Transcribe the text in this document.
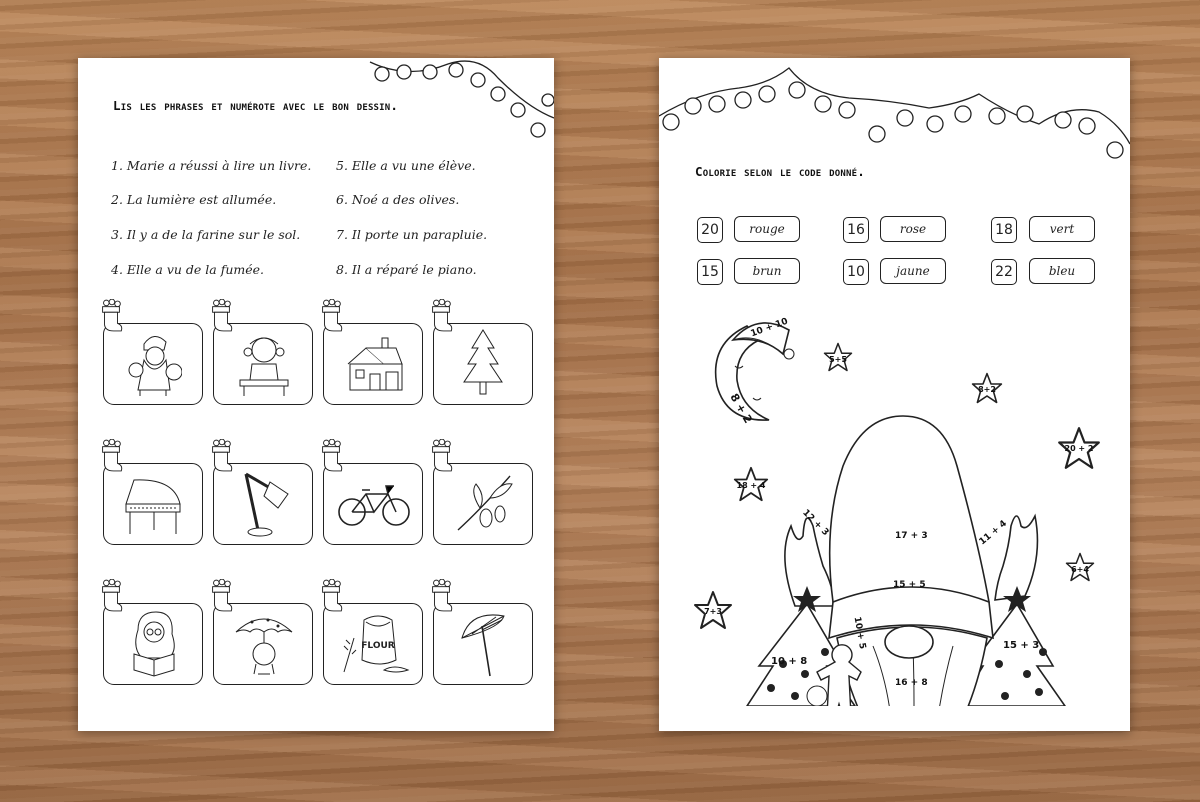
Lis les phrases et numérote avec le bon dessin.
1. Marie a réussi à lire un livre.
2. La lumière est allumée.
3. Il y a de la farine sur le sol.
4. Elle a vu de la fumée.
5. Elle a vu une élève.
6. Noé a des olives.
7. Il porte un parapluie.
8. Il a réparé le piano.
FLOUR
Colorie selon le code donné.
20	rouge	16	rose	18	vert
15	brun	10	jaune	22	bleu
10 + 10
8 + 2
5+5
8+2
20 + 2
18 + 4
6+4
7+3
12 + 3	11 + 4
17 + 3
15 + 5
10 + 5
16 + 8
10 + 8
15 + 3
